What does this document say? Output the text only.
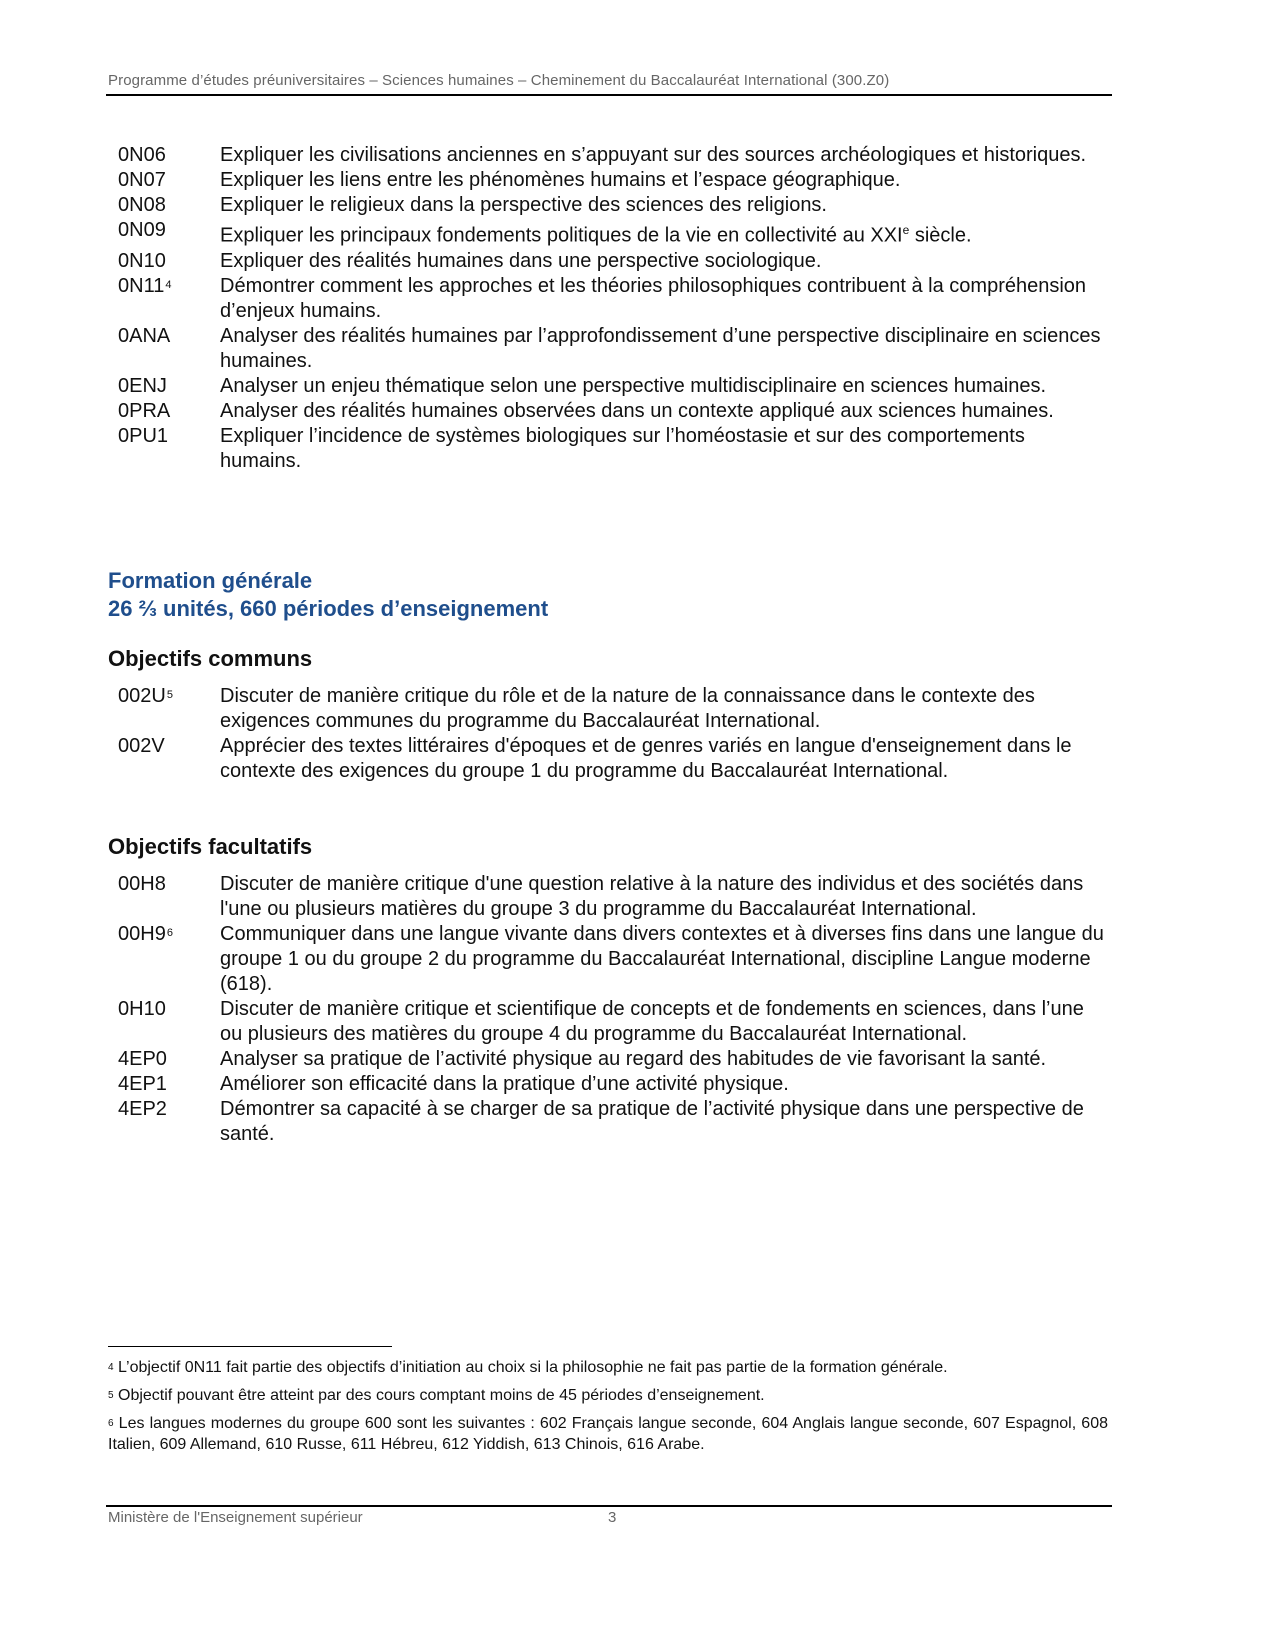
Programme d’études préuniversitaires – Sciences humaines – Cheminement du Baccalauréat International (300.Z0)
0N06	Expliquer les civilisations anciennes en s’appuyant sur des sources archéologiques et historiques.
0N07	Expliquer les liens entre les phénomènes humains et l’espace géographique.
0N08	Expliquer le religieux dans la perspective des sciences des religions.
0N09	Expliquer les principaux fondements politiques de la vie en collectivité au XXIe siècle.
0N10	Expliquer des réalités humaines dans une perspective sociologique.
$0N11^4$	Démontrer comment les approches et les théories philosophiques contribuent à la compréhension d’enjeux humains.
0ANA	Analyser des réalités humaines par l’approfondissement d’une perspective disciplinaire en sciences humaines.
0ENJ	Analyser un enjeu thématique selon une perspective multidisciplinaire en sciences humaines.
0PRA	Analyser des réalités humaines observées dans un contexte appliqué aux sciences humaines.
0PU1	Expliquer l’incidence de systèmes biologiques sur l’homéostasie et sur des comportements humains.
Formation générale
26 ⅔ unités, 660 périodes d’enseignement
Objectifs communs
$002U^5$	Discuter de manière critique du rôle et de la nature de la connaissance dans le contexte des exigences communes du programme du Baccalauréat International.
002V	Apprécier des textes littéraires d'époques et de genres variés en langue d'enseignement dans le contexte des exigences du groupe 1 du programme du Baccalauréat International.
Objectifs facultatifs
00H8	Discuter de manière critique d'une question relative à la nature des individus et des sociétés dans l'une ou plusieurs matières du groupe 3 du programme du Baccalauréat International.
$00H9^6$	Communiquer dans une langue vivante dans divers contextes et à diverses fins dans une langue du groupe 1 ou du groupe 2 du programme du Baccalauréat International, discipline Langue moderne (618).
0H10	Discuter de manière critique et scientifique de concepts et de fondements en sciences, dans l’une ou plusieurs des matières du groupe 4 du programme du Baccalauréat International.
4EP0	Analyser sa pratique de l’activité physique au regard des habitudes de vie favorisant la santé.
4EP1	Améliorer son efficacité dans la pratique d’une activité physique.
4EP2	Démontrer sa capacité à se charger de sa pratique de l’activité physique dans une perspective de santé.
$^4$ L’objectif 0N11 fait partie des objectifs d’initiation au choix si la philosophie ne fait pas partie de la formation générale.
$^5$ Objectif pouvant être atteint par des cours comptant moins de 45 périodes d’enseignement.
$^6$ Les langues modernes du groupe 600 sont les suivantes : 602 Français langue seconde, 604 Anglais langue seconde, 607 Espagnol, 608 Italien, 609 Allemand, 610 Russe, 611 Hébreu, 612 Yiddish, 613 Chinois, 616 Arabe.
Ministère de l'Enseignement supérieur	3
